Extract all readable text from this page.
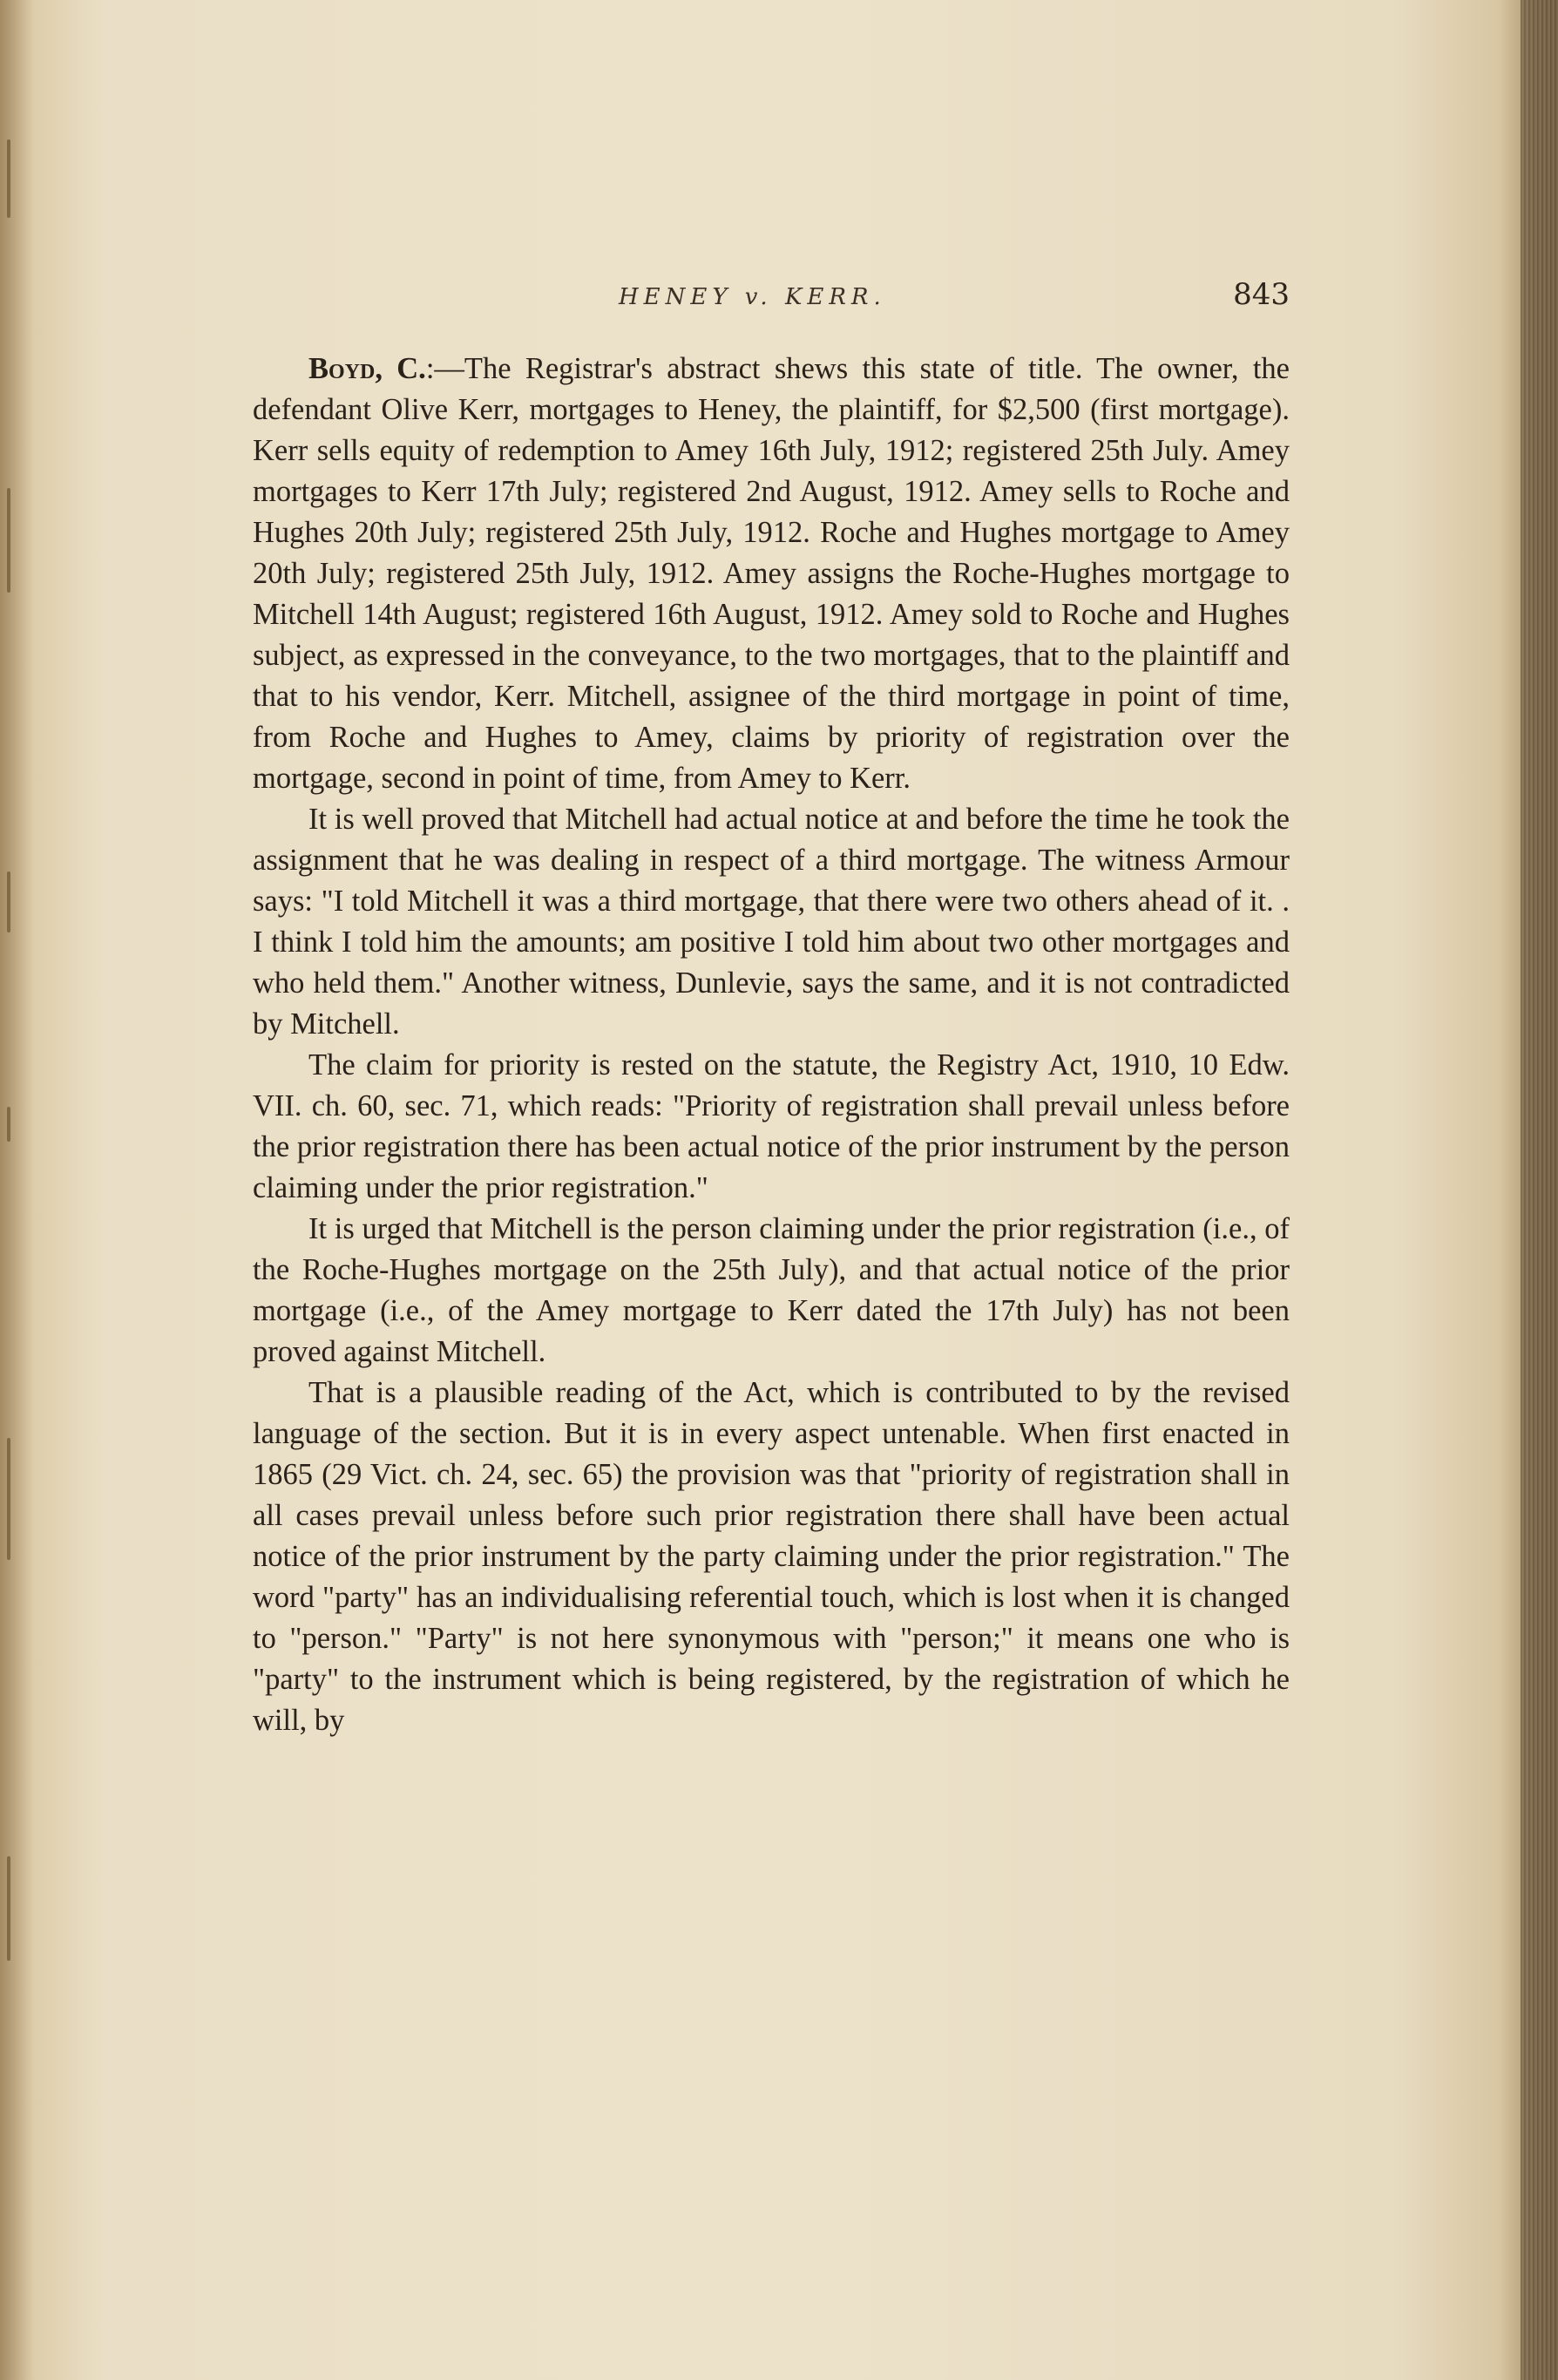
HENEY v. KERR.	843

Boyd, C.:—The Registrar's abstract shews this state of title. The owner, the defendant Olive Kerr, mortgages to Heney, the plaintiff, for $2,500 (first mortgage). Kerr sells equity of redemption to Amey 16th July, 1912; registered 25th July. Amey mortgages to Kerr 17th July; registered 2nd August, 1912. Amey sells to Roche and Hughes 20th July; registered 25th July, 1912. Roche and Hughes mortgage to Amey 20th July; registered 25th July, 1912. Amey assigns the Roche-Hughes mortgage to Mitchell 14th August; registered 16th August, 1912. Amey sold to Roche and Hughes subject, as expressed in the conveyance, to the two mortgages, that to the plaintiff and that to his vendor, Kerr. Mitchell, assignee of the third mortgage in point of time, from Roche and Hughes to Amey, claims by priority of registration over the mortgage, second in point of time, from Amey to Kerr.

It is well proved that Mitchell had actual notice at and before the time he took the assignment that he was dealing in respect of a third mortgage. The witness Armour says: "I told Mitchell it was a third mortgage, that there were two others ahead of it. . I think I told him the amounts; am positive I told him about two other mortgages and who held them." Another witness, Dunlevie, says the same, and it is not contradicted by Mitchell.

The claim for priority is rested on the statute, the Registry Act, 1910, 10 Edw. VII. ch. 60, sec. 71, which reads: "Priority of registration shall prevail unless before the prior registration there has been actual notice of the prior instrument by the person claiming under the prior registration."

It is urged that Mitchell is the person claiming under the prior registration (i.e., of the Roche-Hughes mortgage on the 25th July), and that actual notice of the prior mortgage (i.e., of the Amey mortgage to Kerr dated the 17th July) has not been proved against Mitchell.

That is a plausible reading of the Act, which is contributed to by the revised language of the section. But it is in every aspect untenable. When first enacted in 1865 (29 Vict. ch. 24, sec. 65) the provision was that "priority of registration shall in all cases prevail unless before such prior registration there shall have been actual notice of the prior instrument by the party claiming under the prior registration." The word "party" has an individualising referential touch, which is lost when it is changed to "person." "Party" is not here synonymous with "person;" it means one who is "party" to the instrument which is being registered, by the registration of which he will, by
